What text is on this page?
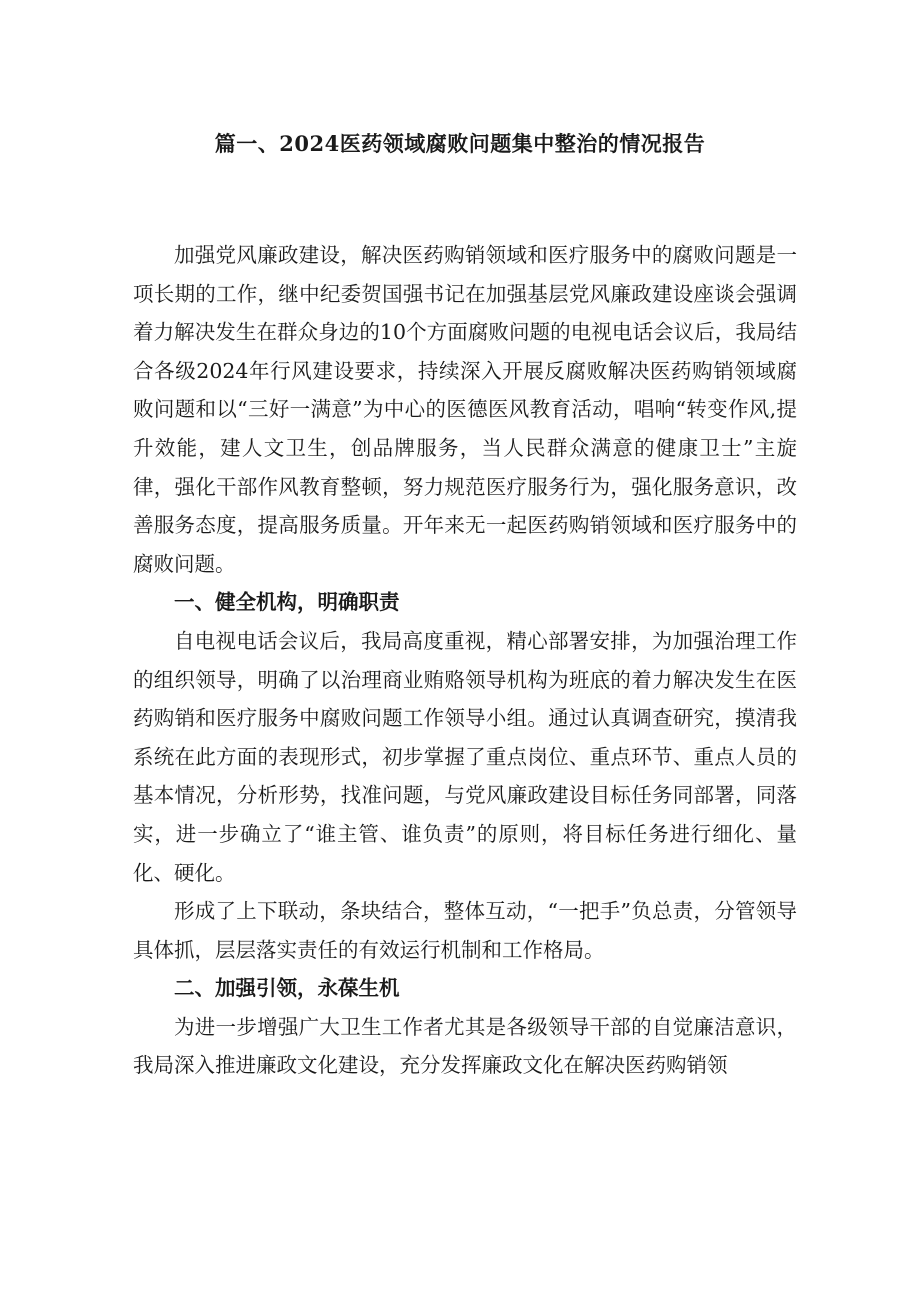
篇一、2024医药领域腐败问题集中整治的情况报告

加强党风廉政建设，解决医药购销领域和医疗服务中的腐败问题是一项长期的工作，继中纪委贺国强书记在加强基层党风廉政建设座谈会强调着力解决发生在群众身边的10个方面腐败问题的电视电话会议后，我局结合各级2024年行风建设要求，持续深入开展反腐败解决医药购销领域腐败问题和以“三好一满意”为中心的医德医风教育活动，唱响“转变作风,提升效能，建人文卫生，创品牌服务，当人民群众满意的健康卫士”主旋律，强化干部作风教育整顿，努力规范医疗服务行为，强化服务意识，改善服务态度，提高服务质量。开年来无一起医药购销领域和医疗服务中的腐败问题。

一、健全机构，明确职责

自电视电话会议后，我局高度重视，精心部署安排，为加强治理工作的组织领导，明确了以治理商业贿赂领导机构为班底的着力解决发生在医药购销和医疗服务中腐败问题工作领导小组。通过认真调查研究，摸清我系统在此方面的表现形式，初步掌握了重点岗位、重点环节、重点人员的基本情况，分析形势，找准问题，与党风廉政建设目标任务同部署，同落实，进一步确立了“谁主管、谁负责”的原则，将目标任务进行细化、量化、硬化。

形成了上下联动，条块结合，整体互动，“一把手”负总责，分管领导具体抓，层层落实责任的有效运行机制和工作格局。

二、加强引领，永葆生机

为进一步增强广大卫生工作者尤其是各级领导干部的自觉廉洁意识，我局深入推进廉政文化建设，充分发挥廉政文化在解决医药购销领
